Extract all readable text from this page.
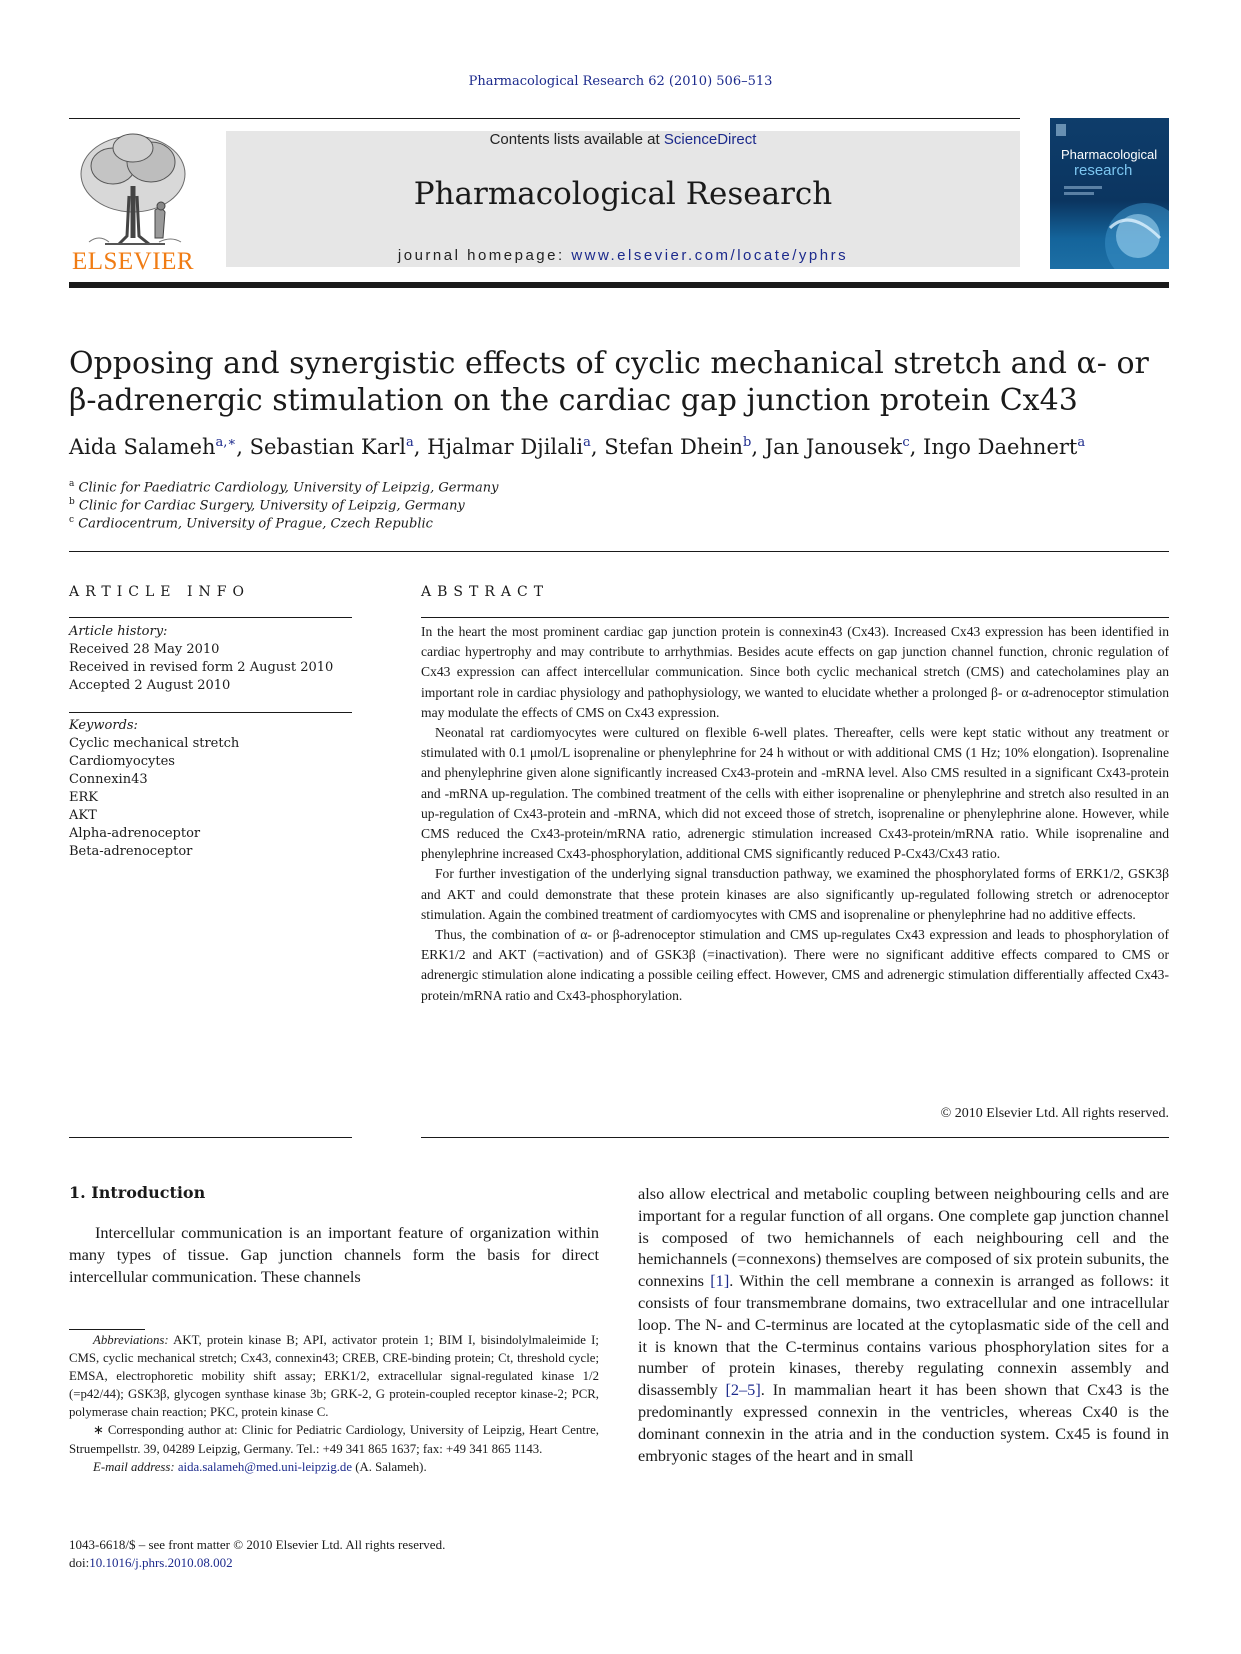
Pharmacological Research 62 (2010) 506–513
ELSEVIER
Contents lists available at ScienceDirect
Pharmacological Research
journal homepage: www.elsevier.com/locate/yphrs
Pharmacological
research
Opposing and synergistic effects of cyclic mechanical stretch and α- or
β-adrenergic stimulation on the cardiac gap junction protein Cx43
Aida Salameh$^{a,∗}$, Sebastian Karl$^a$, Hjalmar Djilali$^a$, Stefan Dhein$^b$, Jan Janousek$^c$, Ingo Daehnert$^a$
$^a$ Clinic for Paediatric Cardiology, University of Leipzig, Germany
$^b$ Clinic for Cardiac Surgery, University of Leipzig, Germany
$^c$ Cardiocentrum, University of Prague, Czech Republic
ARTICLE INFO
Article history:
Received 28 May 2010
Received in revised form 2 August 2010
Accepted 2 August 2010
Keywords:
Cyclic mechanical stretch
Cardiomyocytes
Connexin43
ERK
AKT
Alpha-adrenoceptor
Beta-adrenoceptor
ABSTRACT

In the heart the most prominent cardiac gap junction protein is connexin43 (Cx43). Increased Cx43 expression has been identified in cardiac hypertrophy and may contribute to arrhythmias. Besides acute effects on gap junction channel function, chronic regulation of Cx43 expression can affect intercellular communication. Since both cyclic mechanical stretch (CMS) and catecholamines play an important role in cardiac physiology and pathophysiology, we wanted to elucidate whether a prolonged β- or α-adrenoceptor stimulation may modulate the effects of CMS on Cx43 expression.

Neonatal rat cardiomyocytes were cultured on flexible 6-well plates. Thereafter, cells were kept static without any treatment or stimulated with 0.1 μmol/L isoprenaline or phenylephrine for 24 h without or with additional CMS (1 Hz; 10% elongation). Isoprenaline and phenylephrine given alone significantly increased Cx43-protein and -mRNA level. Also CMS resulted in a significant Cx43-protein and -mRNA up-regulation. The combined treatment of the cells with either isoprenaline or phenylephrine and stretch also resulted in an up-regulation of Cx43-protein and -mRNA, which did not exceed those of stretch, isoprenaline or phenylephrine alone. However, while CMS reduced the Cx43-protein/mRNA ratio, adrenergic stimulation increased Cx43-protein/mRNA ratio. While isoprenaline and phenylephrine increased Cx43-phosphorylation, additional CMS significantly reduced P-Cx43/Cx43 ratio.

For further investigation of the underlying signal transduction pathway, we examined the phosphorylated forms of ERK1/2, GSK3β and AKT and could demonstrate that these protein kinases are also significantly up-regulated following stretch or adrenoceptor stimulation. Again the combined treatment of cardiomyocytes with CMS and isoprenaline or phenylephrine had no additive effects.

Thus, the combination of α- or β-adrenoceptor stimulation and CMS up-regulates Cx43 expression and leads to phosphorylation of ERK1/2 and AKT (=activation) and of GSK3β (=inactivation). There were no significant additive effects compared to CMS or adrenergic stimulation alone indicating a possible ceiling effect. However, CMS and adrenergic stimulation differentially affected Cx43-protein/mRNA ratio and Cx43-phosphorylation.

© 2010 Elsevier Ltd. All rights reserved.
1. Introduction
Intercellular communication is an important feature of organization within many types of tissue. Gap junction channels form the basis for direct intercellular communication. These channels
also allow electrical and metabolic coupling between neighbouring cells and are important for a regular function of all organs. One complete gap junction channel is composed of two hemichannels of each neighbouring cell and the hemichannels (=connexons) themselves are composed of six protein subunits, the connexins [1]. Within the cell membrane a connexin is arranged as follows: it consists of four transmembrane domains, two extracellular and one intracellular loop. The N- and C-terminus are located at the cytoplasmatic side of the cell and it is known that the C-terminus contains various phosphorylation sites for a number of protein kinases, thereby regulating connexin assembly and disassembly [2–5]. In mammalian heart it has been shown that Cx43 is the predominantly expressed connexin in the ventricles, whereas Cx40 is the dominant connexin in the atria and in the conduction system. Cx45 is found in embryonic stages of the heart and in small

Abbreviations: AKT, protein kinase B; API, activator protein 1; BIM I, bisindolylmaleimide I; CMS, cyclic mechanical stretch; Cx43, connexin43; CREB, CRE-binding protein; Ct, threshold cycle; EMSA, electrophoretic mobility shift assay; ERK1/2, extracellular signal-regulated kinase 1/2 (=p42/44); GSK3β, glycogen synthase kinase 3b; GRK-2, G protein-coupled receptor kinase-2; PCR, polymerase chain reaction; PKC, protein kinase C.

∗ Corresponding author at: Clinic for Pediatric Cardiology, University of Leipzig, Heart Centre, Struempellstr. 39, 04289 Leipzig, Germany. Tel.: +49 341 865 1637; fax: +49 341 865 1143.

E-mail address: aida.salameh@med.uni-leipzig.de (A. Salameh).

1043-6618/$ – see front matter © 2010 Elsevier Ltd. All rights reserved.
doi:10.1016/j.phrs.2010.08.002
